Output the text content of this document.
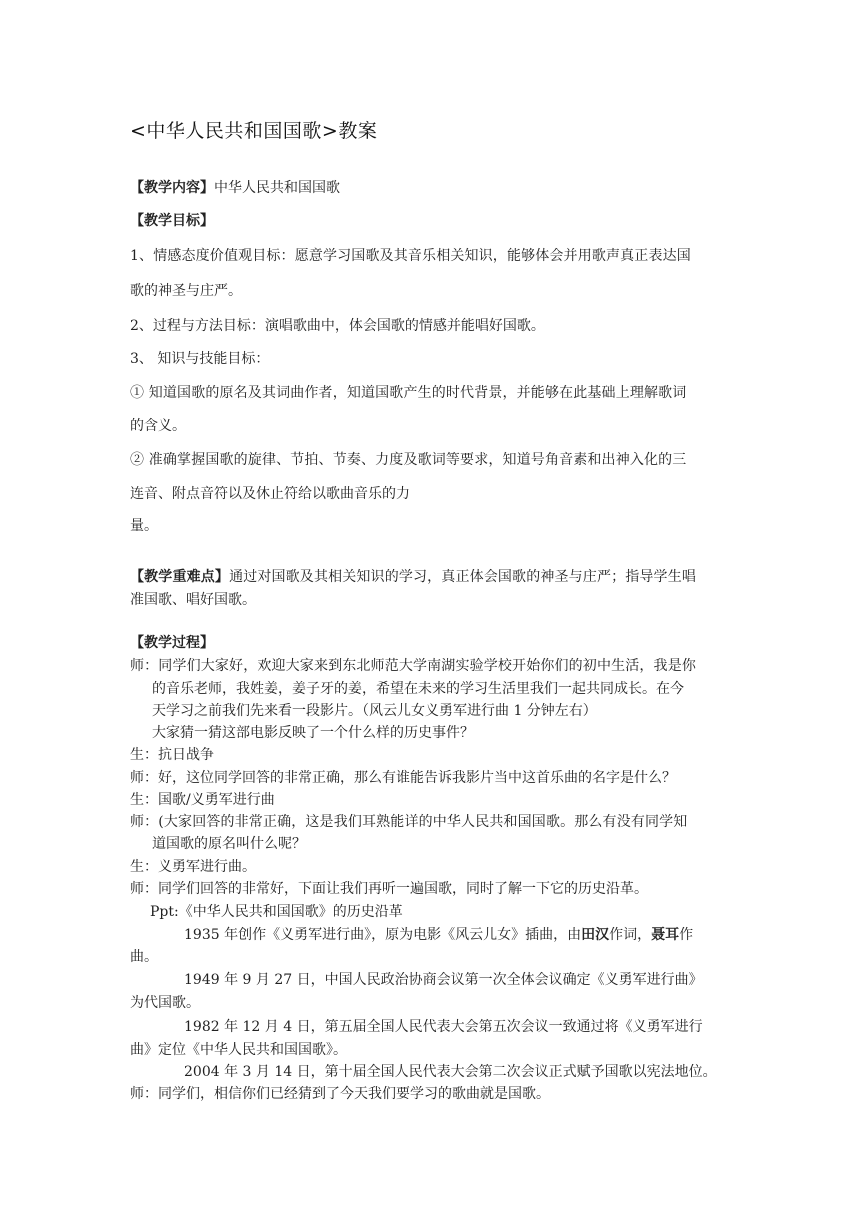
<中华人民共和国国歌>教案
【教学内容】中华人民共和国国歌
【教学目标】
1、情感态度价值观目标：愿意学习国歌及其音乐相关知识，能够体会并用歌声真正表达国
歌的神圣与庄严。
2、过程与方法目标：演唱歌曲中，体会国歌的情感并能唱好国歌。
3、 知识与技能目标：
① 知道国歌的原名及其词曲作者，知道国歌产生的时代背景，并能够在此基础上理解歌词
的含义。
② 准确掌握国歌的旋律、节拍、节奏、力度及歌词等要求，知道号角音素和出神入化的三
连音、附点音符以及休止符给以歌曲音乐的力
量。
【教学重难点】通过对国歌及其相关知识的学习，真正体会国歌的神圣与庄严；指导学生唱
准国歌、唱好国歌。
【教学过程】
师：同学们大家好，欢迎大家来到东北师范大学南湖实验学校开始你们的初中生活，我是你
的音乐老师，我姓姜，姜子牙的姜，希望在未来的学习生活里我们一起共同成长。在今
天学习之前我们先来看一段影片。（风云儿女义勇军进行曲 1 分钟左右）
大家猜一猜这部电影反映了一个什么样的历史事件？
生：抗日战争
师：好，这位同学回答的非常正确，那么有谁能告诉我影片当中这首乐曲的名字是什么？
生：国歌/义勇军进行曲
师：(大家回答的非常正确，这是我们耳熟能详的中华人民共和国国歌。那么有没有同学知
道国歌的原名叫什么呢？
生：义勇军进行曲。
师：同学们回答的非常好，下面让我们再听一遍国歌，同时了解一下它的历史沿革。
Ppt:《中华人民共和国国歌》的历史沿革
1935 年创作《义勇军进行曲》，原为电影《风云儿女》插曲，由田汉作词，聂耳作
曲。
1949 年 9 月 27 日，中国人民政治协商会议第一次全体会议确定《义勇军进行曲》
为代国歌。
1982 年 12 月 4 日，第五届全国人民代表大会第五次会议一致通过将《义勇军进行
曲》定位《中华人民共和国国歌》。
2004 年 3 月 14 日，第十届全国人民代表大会第二次会议正式赋予国歌以宪法地位。
师：同学们，相信你们已经猜到了今天我们要学习的歌曲就是国歌。
